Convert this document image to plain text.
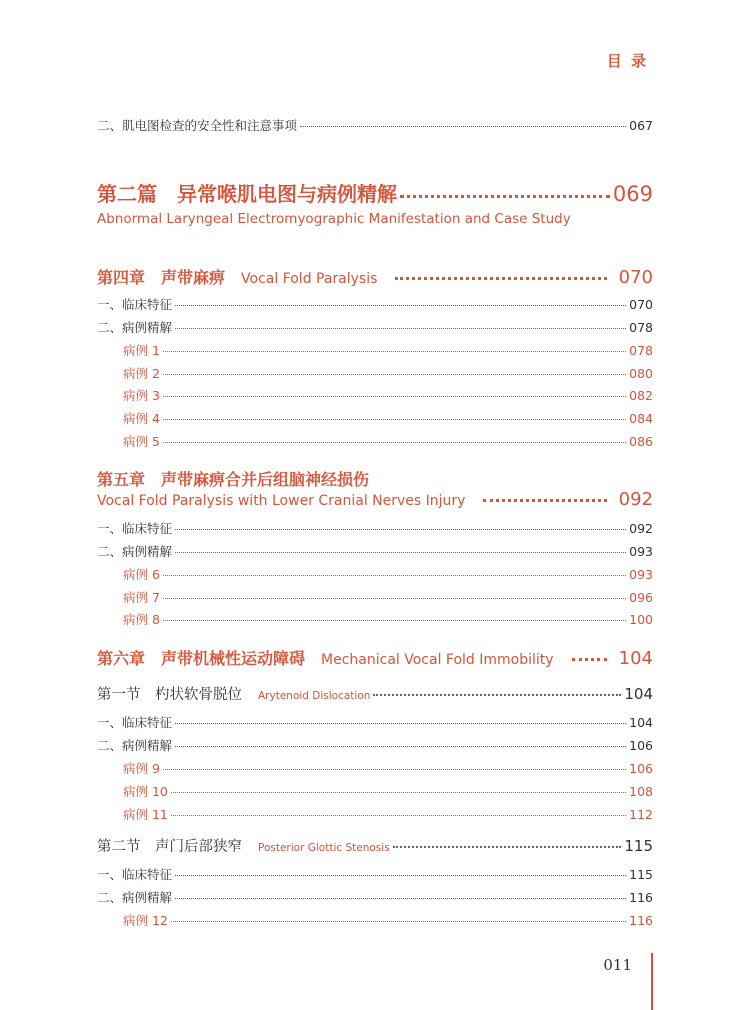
目 录
二、肌电图检查的安全性和注意事项	067
第二篇　异常喉肌电图与病例精解	069
Abnormal Laryngeal Electromyographic Manifestation and Case Study
第四章　声带麻痹 Vocal Fold Paralysis	070
一、临床特征	070
二、病例精解	078
病例 1	078
病例 2	080
病例 3	082
病例 4	084
病例 5	086
第五章　声带麻痹合并后组脑神经损伤
Vocal Fold Paralysis with Lower Cranial Nerves Injury	092
一、临床特征	092
二、病例精解	093
病例 6	093
病例 7	096
病例 8	100
第六章　声带机械性运动障碍 Mechanical Vocal Fold Immobility	104
第一节　杓状软骨脱位 Arytenoid Dislocation	104
一、临床特征	104
二、病例精解	106
病例 9	106
病例 10	108
病例 11	112
第二节　声门后部狭窄 Posterior Glottic Stenosis	115
一、临床特征	115
二、病例精解	116
病例 12	116
011
